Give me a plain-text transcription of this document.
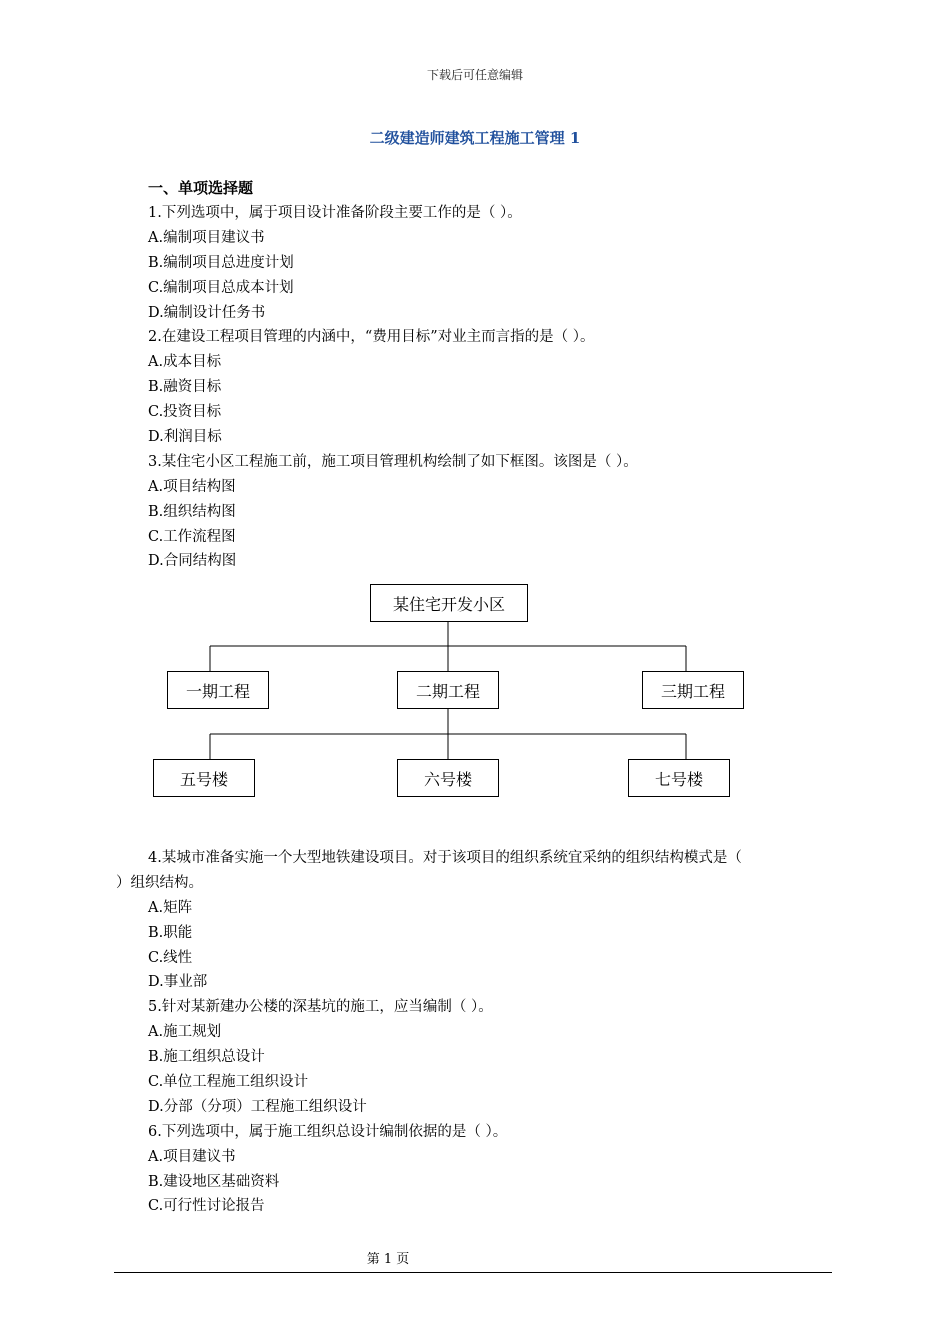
下载后可任意编辑
二级建造师建筑工程施工管理 1
一、单项选择题
1.下列选项中，属于项目设计准备阶段主要工作的是（ ）。
A.编制项目建议书
B.编制项目总进度计划
C.编制项目总成本计划
D.编制设计任务书
2.在建设工程项目管理的内涵中，“费用目标”对业主而言指的是（ ）。
A.成本目标
B.融资目标
C.投资目标
D.利润目标
3.某住宅小区工程施工前，施工项目管理机构绘制了如下框图。该图是（ ）。
A.项目结构图
B.组织结构图
C.工作流程图
D.合同结构图
某住宅开发小区
一期工程	二期工程	三期工程
五号楼	六号楼	七号楼
4.某城市准备实施一个大型地铁建设项目。对于该项目的组织系统宜采纳的组织结构模式是（
）组织结构。
A.矩阵
B.职能
C.线性
D.事业部
5.针对某新建办公楼的深基坑的施工，应当编制（ ）。
A.施工规划
B.施工组织总设计
C.单位工程施工组织设计
D.分部（分项）工程施工组织设计
6.下列选项中，属于施工组织总设计编制依据的是（ ）。
A.项目建议书
B.建设地区基础资料
C.可行性讨论报告
第 1 页
